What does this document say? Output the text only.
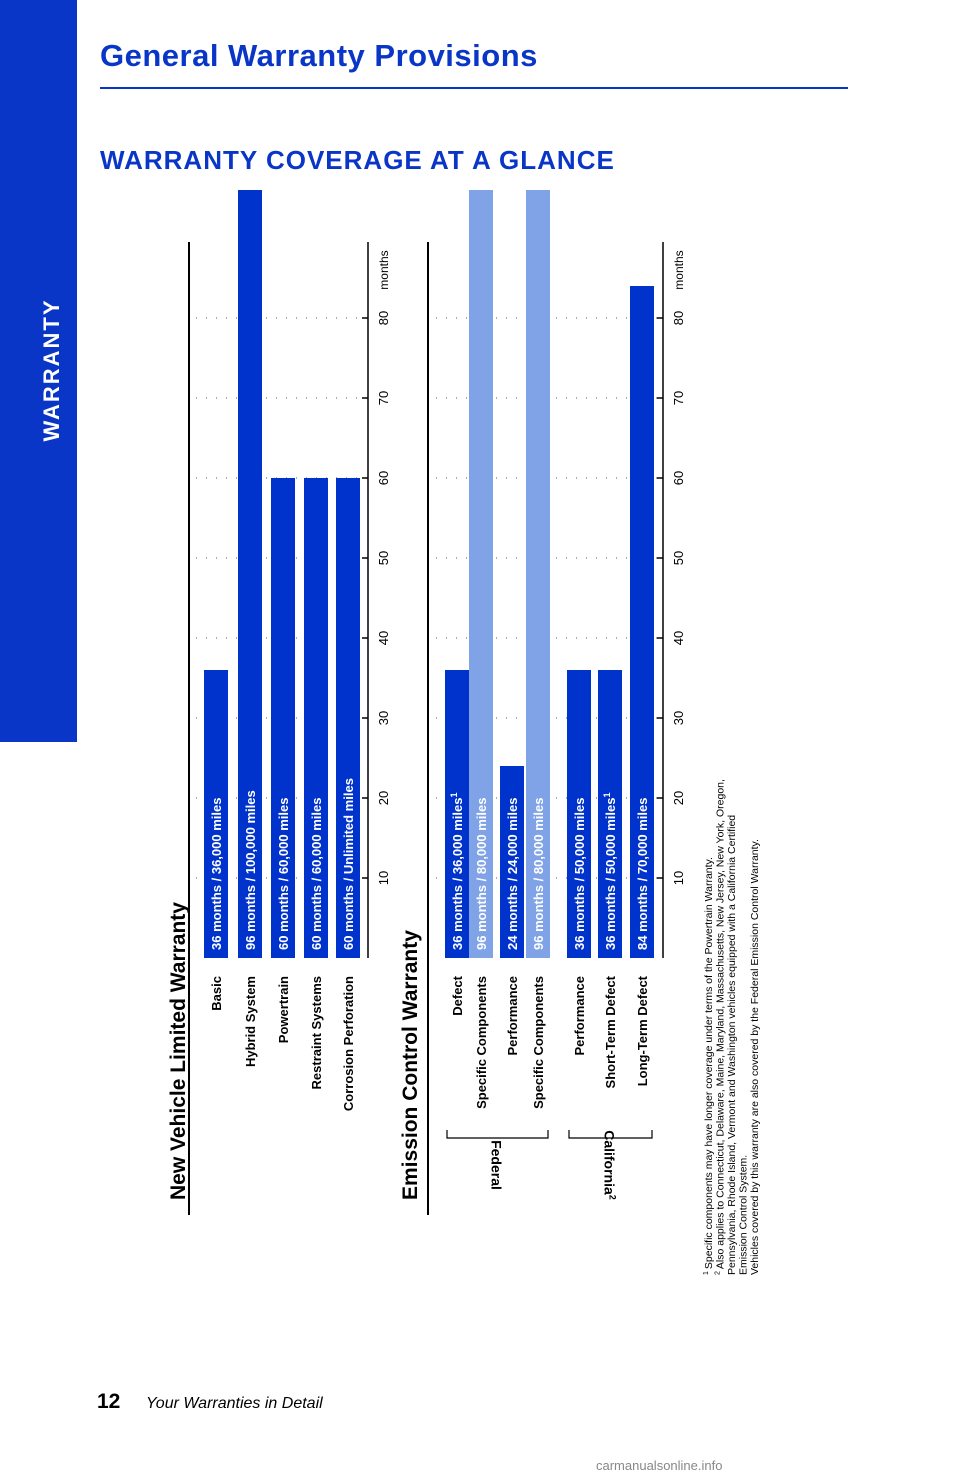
WARRANTY
General Warranty Provisions
WARRANTY COVERAGE AT A GLANCE
New Vehicle Limited Warranty
10
20
30
40
50
60
70
80
months
36 months / 36,000 miles
Basic
96 months / 100,000 miles
Hybrid System
60 months / 60,000 miles
Powertrain
60 months / 60,000 miles
Restraint Systems
60 months / Unlimited miles
Corrosion Perforation Emission Control Warranty
10
20
30
40
50
60
70
80
months
36 months / 36,000 miles$^1$
Defect
96 months / 80,000 miles
Specific Components
24 months / 24,000 miles
Performance
96 months / 80,000 miles
Specific Components
36 months / 50,000 miles
Performance
36 months / 50,000 miles$^1$
Short-Term Defect
84 months / 70,000 miles
Long-Term Defect
Federal	California$^2$
$^1$Specific components may have longer coverage under terms of the Powertrain Warranty.
$^2$Also applies to Connecticut, Delaware, Maine, Maryland, Massachusetts, New Jersey, New York, Oregon, Pennsylvania, Rhode Island, Vermont and Washington vehicles equipped with a California Certified Emission Control System. Vehicles covered by this warranty are also covered by the Federal Emission Control Warranty.
12 Your Warranties in Detail
carmanualsonline.info
